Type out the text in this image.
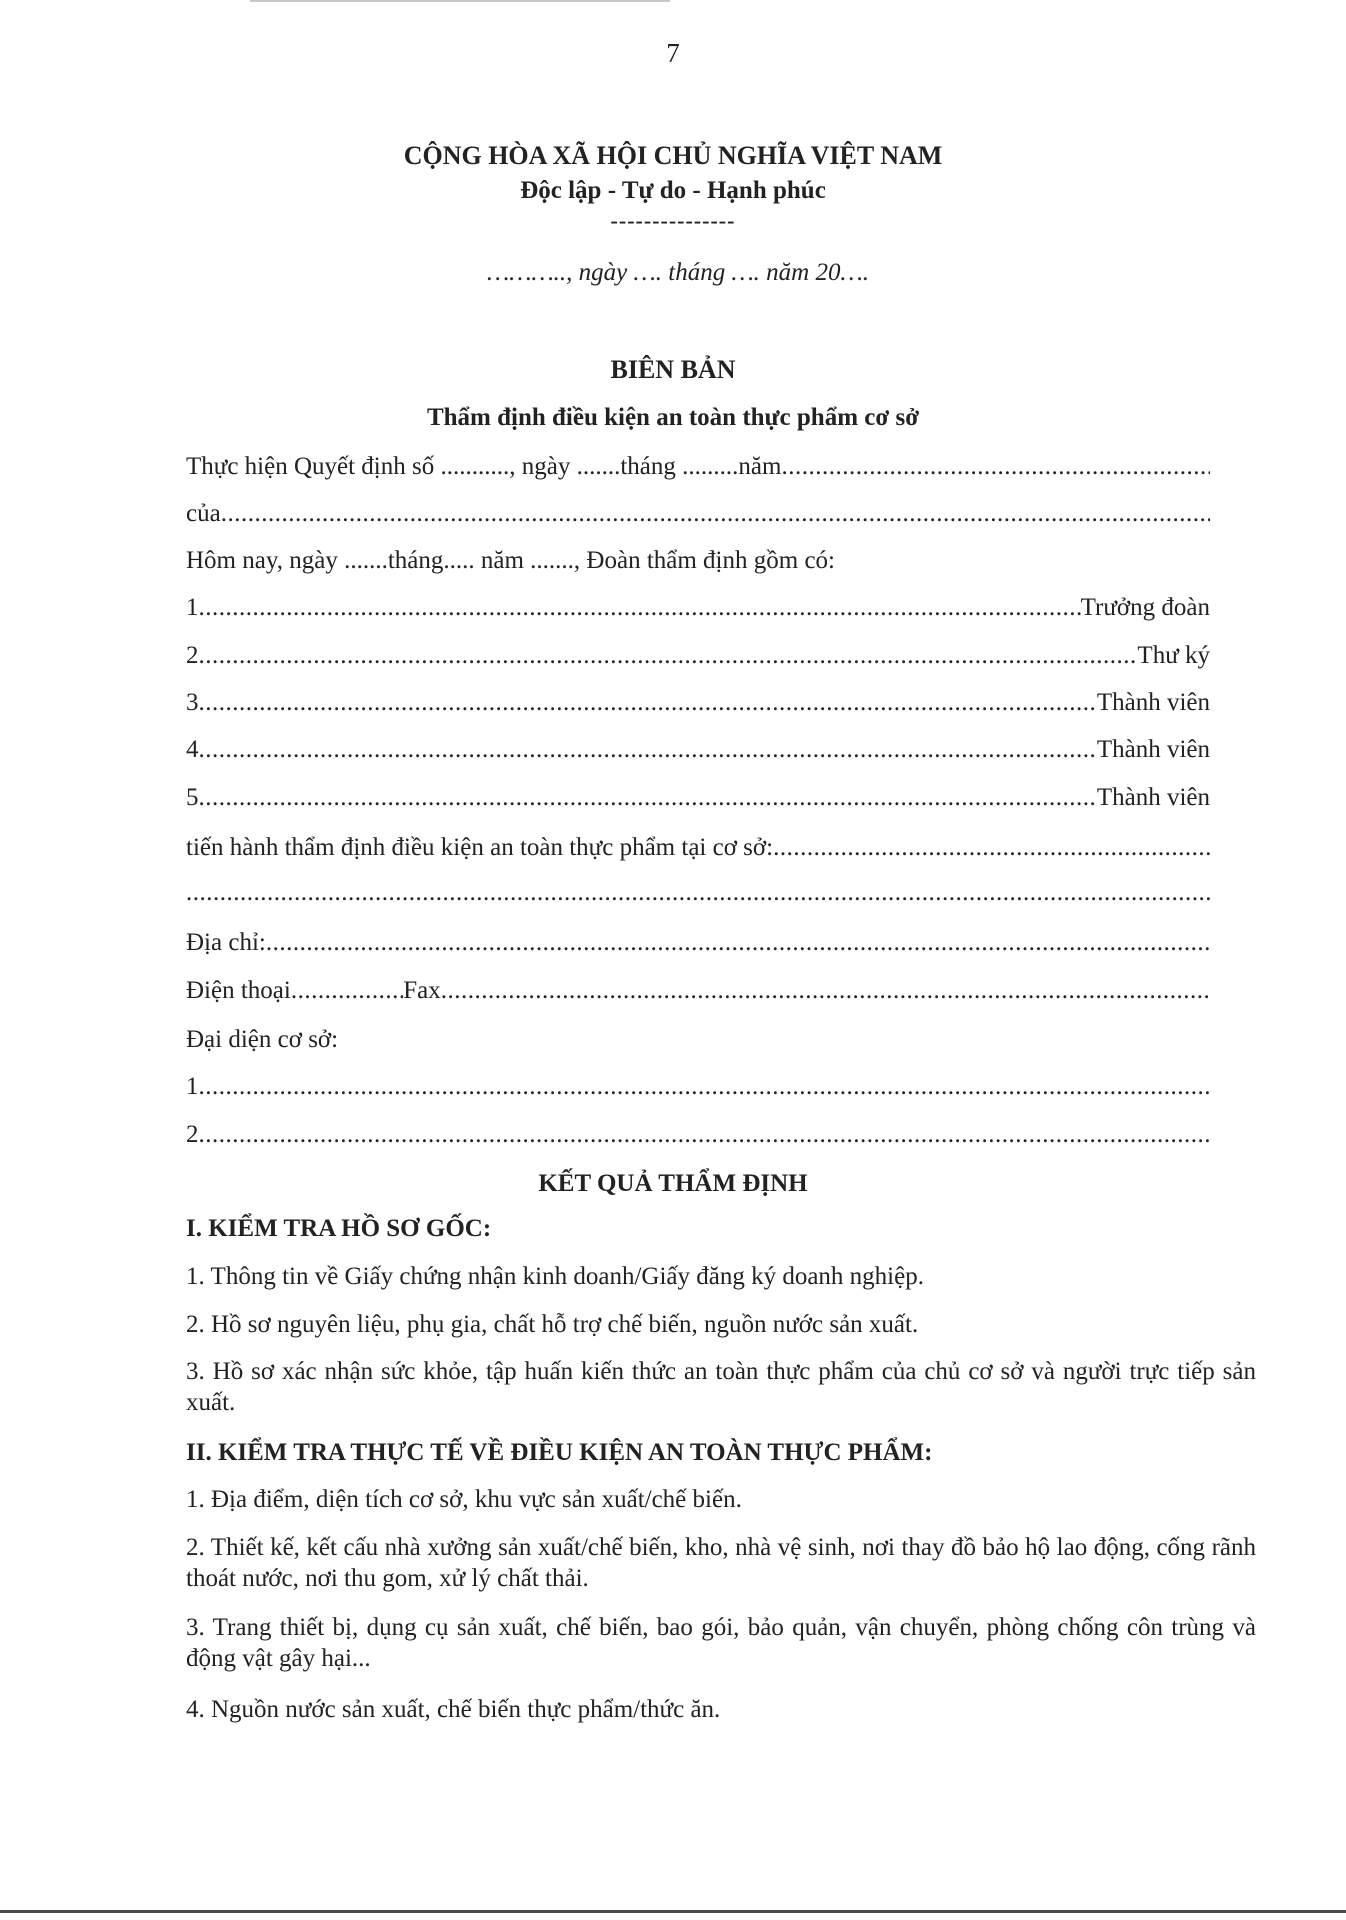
7
CỘNG HÒA XÃ HỘI CHỦ NGHĨA VIỆT NAM
Độc lập - Tự do - Hạnh phúc
---------------
……….., ngày …. tháng …. năm 20….
BIÊN BẢN
Thẩm định điều kiện an toàn thực phẩm cơ sở
Thực hiện Quyết định số
........... , ngày
....... tháng
......... năm
.....
của
.....
Hôm nay, ngày .......tháng..... năm ......., Đoàn thẩm định gồm có:
1 .....	Trưởng đoàn
2 .....	Thư ký
3 .....	Thành viên
4 .....	Thành viên
5 .....	Thành viên
tiến hành thẩm định điều kiện an toàn thực phẩm tại cơ sở:
.....
.....
Địa chỉ:
.....
Điện thoại .....	Fax
.....
Đại diện cơ sở:
1
.....
2
.....
KẾT QUẢ THẨM ĐỊNH
I. KIỂM TRA HỒ SƠ GỐC:
1. Thông tin về Giấy chứng nhận kinh doanh/Giấy đăng ký doanh nghiệp.
2. Hồ sơ nguyên liệu, phụ gia, chất hỗ trợ chế biến, nguồn nước sản xuất.
3. Hồ sơ xác nhận sức khỏe, tập huấn kiến thức an toàn thực phẩm của chủ cơ sở và người trực tiếp sản xuất.
II. KIỂM TRA THỰC TẾ VỀ ĐIỀU KIỆN AN TOÀN THỰC PHẨM:
1. Địa điểm, diện tích cơ sở, khu vực sản xuất/chế biến.
2. Thiết kế, kết cấu nhà xưởng sản xuất/chế biến, kho, nhà vệ sinh, nơi thay đồ bảo hộ lao động, cống rãnh thoát nước, nơi thu gom, xử lý chất thải.
3. Trang thiết bị, dụng cụ sản xuất, chế biến, bao gói, bảo quản, vận chuyển, phòng chống côn trùng và động vật gây hại...
4. Nguồn nước sản xuất, chế biến thực phẩm/thức ăn.
